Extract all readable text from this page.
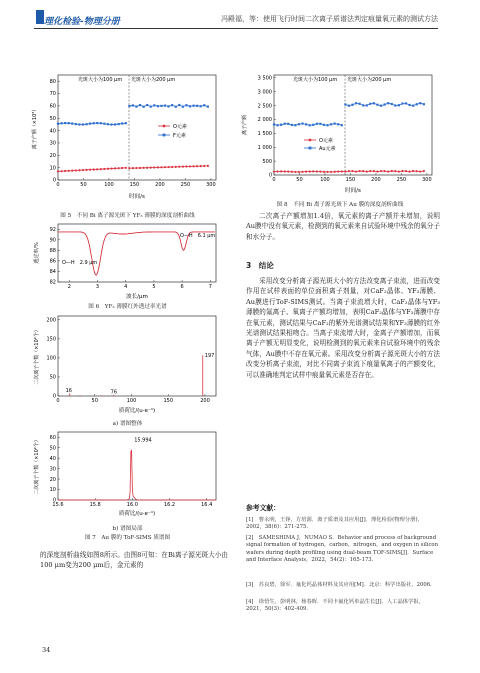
理化检验-物理分册	冯殿福，等：使用飞行时间二次离子质谱法判定痕量氧元素的测试方法
0	50	100	150	200	250	300
0
10
20
30
40
50
60
70
80	光斑大小为100 μm 光斑大小为200 μm
时间/s
离子产额（×10³）	O元素
F元素
图 5　不同 Bi 离子源光斑下 YF₃ 薄膜的深度剖析曲线
2	3	4	5	6	7
82
84
86
88
90
92
O—H　6.1 μm
O—H　2.9 μm
波长/μm
透过率/%
图 6　YF₃ 薄膜红外透过率光谱
0	50	100	150	200
0
50
100
150
200
197
16	76
质荷比/(u·e⁻¹)
二次离子个数（×10²个）
a) 谱图整体
15.6	15.8	16.0	16.2	16.4
0
10
20
30
40
50
60	15.994
质荷比/(u·e⁻¹)
二次离子个数（×10²个）
b) 谱图局部
图 7　Au 膜的 ToF-SIMS 质谱图
的深度剖析曲线如图8所示。由图8可知：在Bi离子源光斑大小由100 μm变为200 μm后，金元素的
34
0	50	100	150	200	250	300
0
500
1 000
1 500
2 000
2 500
3 000
3 500	光斑大小为100 μm 光斑大小为200 μm
时间/s
离子产额
O元素
Au元素
图 8　不同 Bi 离子源光斑下 Au 膜的深度剖析曲线
二次离子产额增加1.4倍，氧元素的离子产额并未增加，说明Au膜中没有氧元素，检测到的氧元素来自试验环境中残余的氧分子和水分子。
3　结论
采用改变分析离子源光斑大小的方法改变离子束流，进而改变作用在试样表面的单位面积离子剂量，对CaF₂晶体、YF₃薄膜、Au膜进行ToF-SIMS测试。当离子束流增大时，CaF₂晶体与YF₃薄膜的氟离子、氧离子产额均增加，表明CaF₂晶体与YF₃薄膜中存在氧元素，测试结果与CaF₂的紫外光谱测试结果和YF₃薄膜的红外光谱测试结果相吻合。当离子束流增大时，金离子产额增加，而氧离子产额无明显变化，说明检测到的氧元素来自试验环境中的残余气体，Au膜中不存在氧元素。采用改变分析离子源光斑大小的方法改变分析离子束流，对比不同离子束流下痕量氧离子的产额变化，可以准确地判定试样中痕量氧元素是否存在。
参考文献：
[1]　曹永明，王铮，方培源．离子质谱及其应用[J]．理化检验(物理分册)，2002，38(6)：271-275.
[2]　SAMESHIMA J，NUMAO S．Behavior and process of background signal formation of hydrogen，carbon，nitrogen，and oxygen in silicon wafers during depth profiling using dual-beam TOF-SIMS[J]．Surface and Interface Analysis，2022，54(2)：165-173.
[3]　苏良碧，徐军．氟化钙晶体材料及其应用[M]．北京：科学出版社，2006.
[4]　徐悟生，彭明林，杨春晖．不同卡氟化钙单晶生长[J]．人工晶体学报，2021，50(3)：402-409.
